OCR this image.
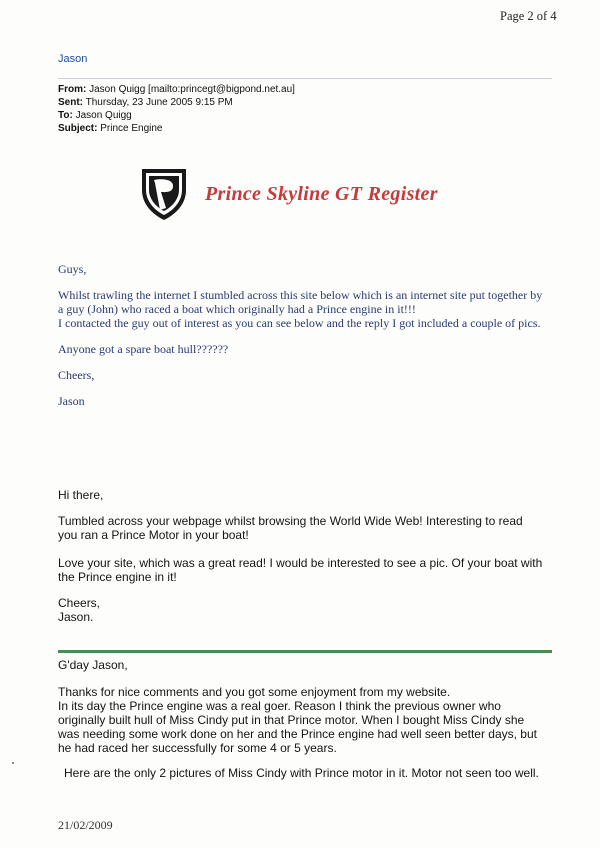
Page 2 of 4
Jason
From: Jason Quigg [mailto:princegt@bigpond.net.au]
Sent: Thursday, 23 June 2005 9:15 PM
To: Jason Quigg
Subject: Prince Engine
Prince Skyline GT Register
Guys,
Whilst trawling the internet I stumbled across this site below which is an internet site put together by
a guy (John) who raced a boat which originally had a Prince engine in it!!!
I contacted the guy out of interest as you can see below and the reply I got included a couple of pics.
Anyone got a spare boat hull??????
Cheers,
Jason
Hi there,
Tumbled across your webpage whilst browsing the World Wide Web! Interesting to read
you ran a Prince Motor in your boat!
Love your site, which was a great read! I would be interested to see a pic. Of your boat with
the Prince engine in it!
Cheers,
Jason.
G'day Jason,
Thanks for nice comments and you got some enjoyment from my website.
In its day the Prince engine was a real goer. Reason I think the previous owner who
originally built hull of Miss Cindy put in that Prince motor. When I bought Miss Cindy she
was needing some work done on her and the Prince engine had well seen better days, but
he had raced her successfully for some 4 or 5 years.
Here are the only 2 pictures of Miss Cindy with Prince motor in it. Motor not seen too well.
21/02/2009
